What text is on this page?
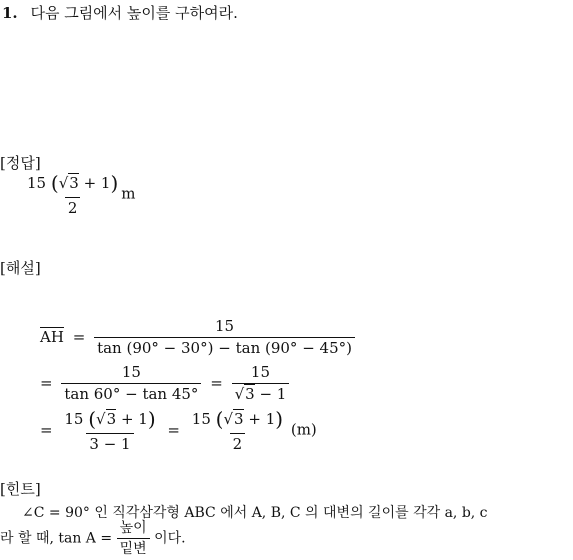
1. 다음 그림에서 높이를 구하여라.
[정답]
$\frac{15 (√3 + 1)}{2}$ m
[해설]
AH = $\frac{15}{\tan (90^\circ - 30^\circ) - \tan (90^\circ - 45^\circ)}$
= $\frac{15}{\tan 60^\circ - \tan 45^\circ} = \frac{15}{√3 - 1}$
= $\frac{15 (√3 + 1)}{3 - 1} = \frac{15 (√3 + 1)}{2} (m)$
[힌트]
∠C = 90° 인 직각삼각형 ABC 에서 A, B, C 의 대변의 길이를 각각 a, b, c
라 할 때, $\tan A = \frac{\text{높이}}{\text{밑변}}$ 이다.
